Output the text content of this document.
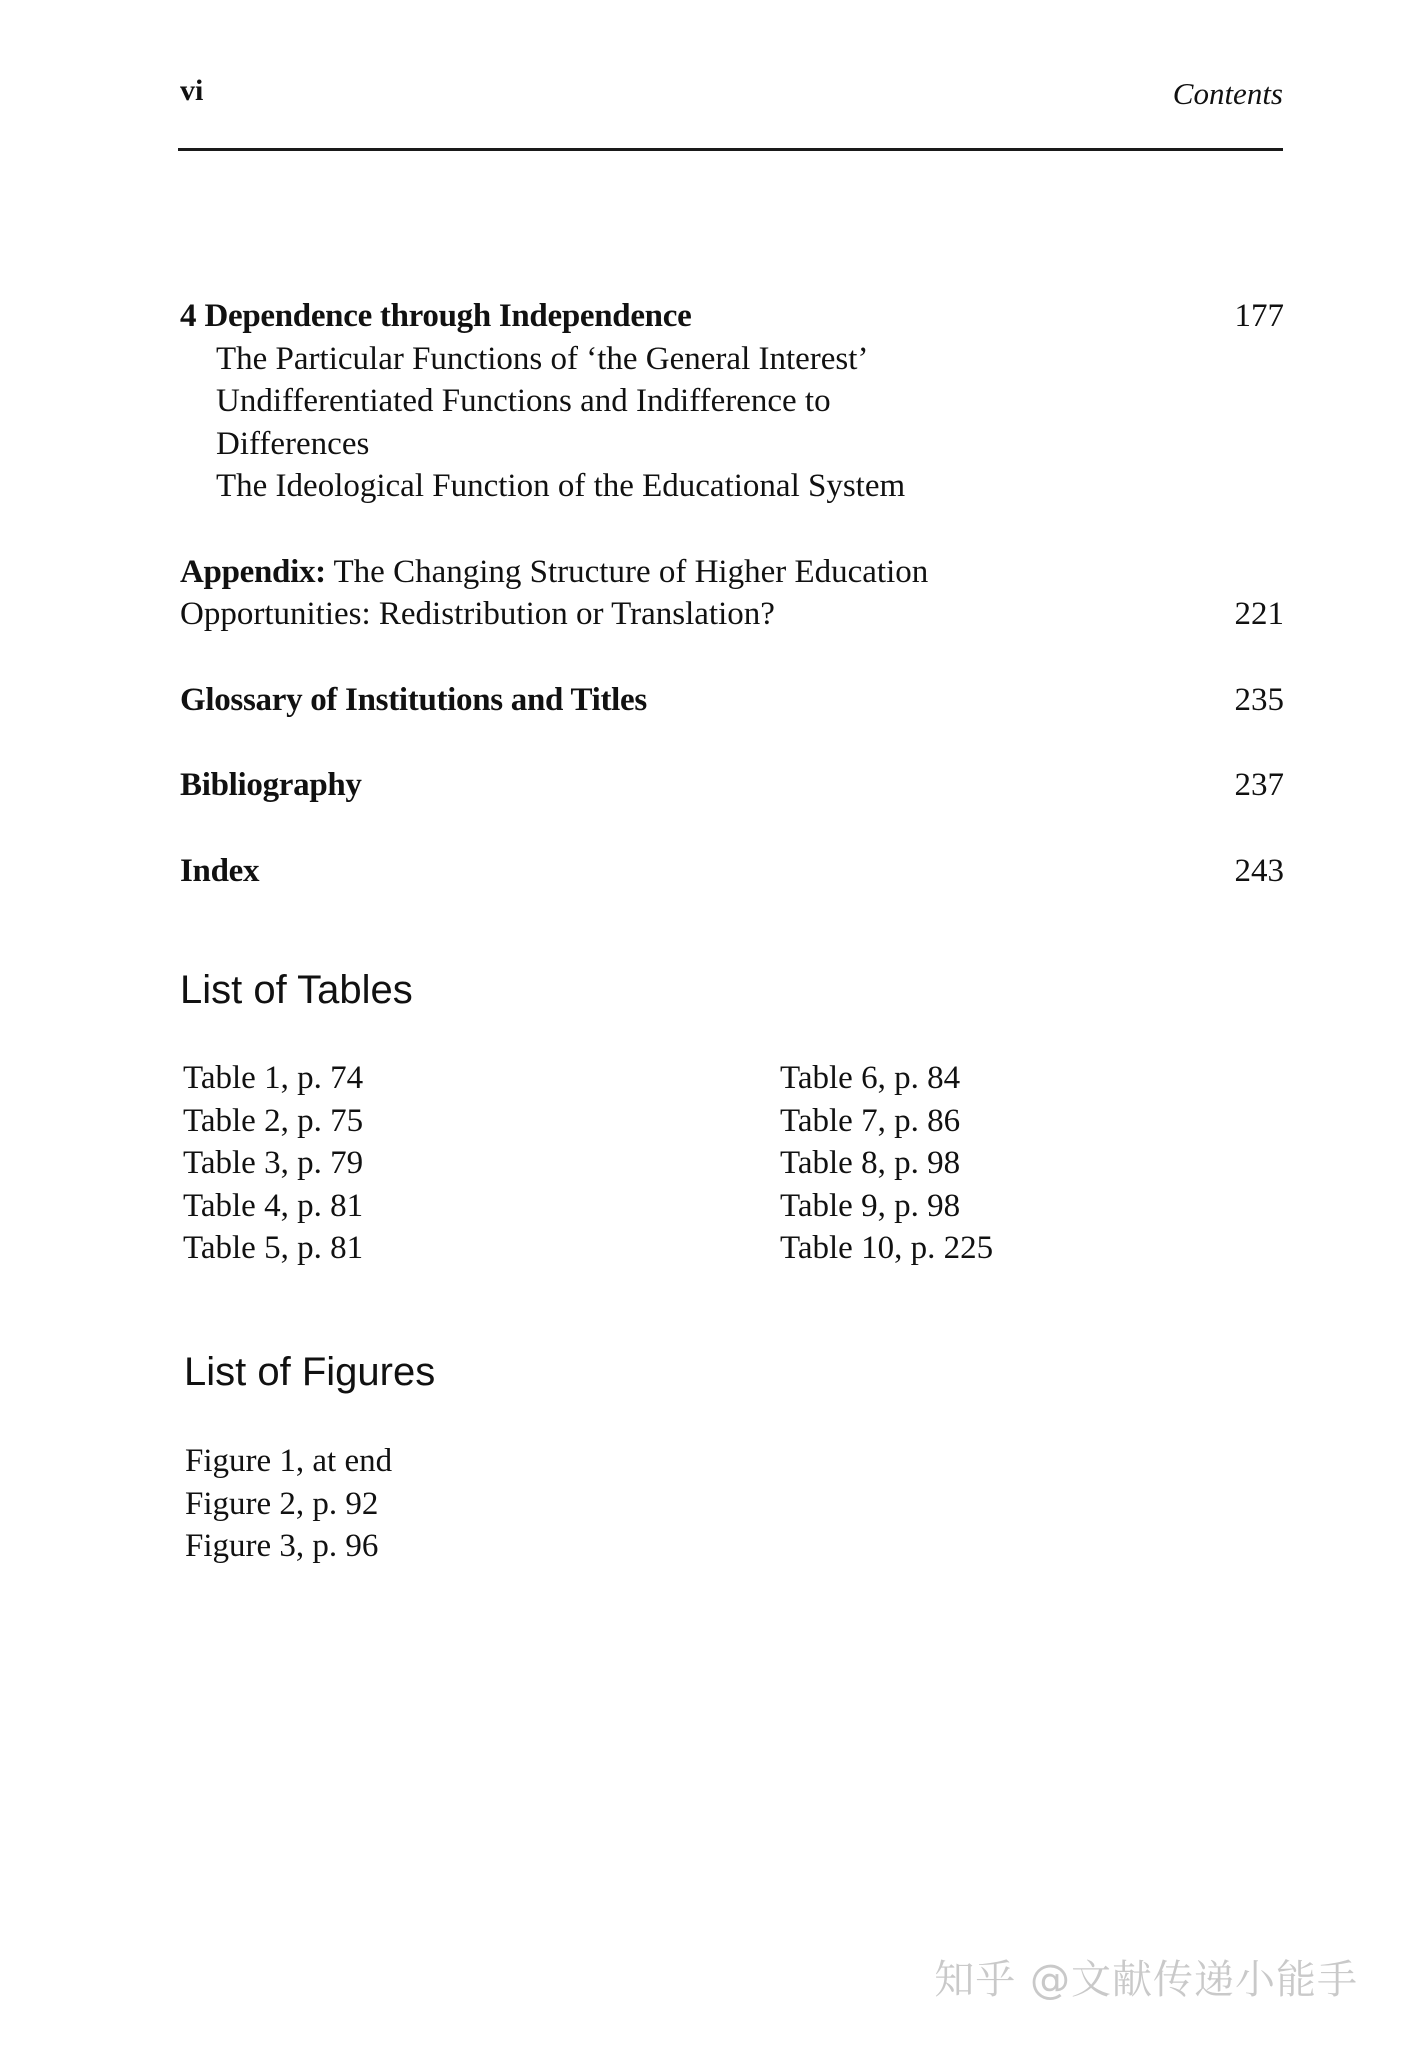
vi	Contents
4 Dependence through Independence	177
The Particular Functions of ‘the General Interest’
Undifferentiated Functions and Indifference to
Differences
The Ideological Function of the Educational System
Appendix: The Changing Structure of Higher Education
Opportunities: Redistribution or Translation?	221
Glossary of Institutions and Titles	235
Bibliography	237
Index	243
List of Tables
Table 1, p. 74
Table 2, p. 75
Table 3, p. 79
Table 4, p. 81
Table 5, p. 81
Table 6, p. 84
Table 7, p. 86
Table 8, p. 98
Table 9, p. 98
Table 10, p. 225
List of Figures
Figure 1, at end
Figure 2, p. 92
Figure 3, p. 96
知乎 @文献传递小能手
